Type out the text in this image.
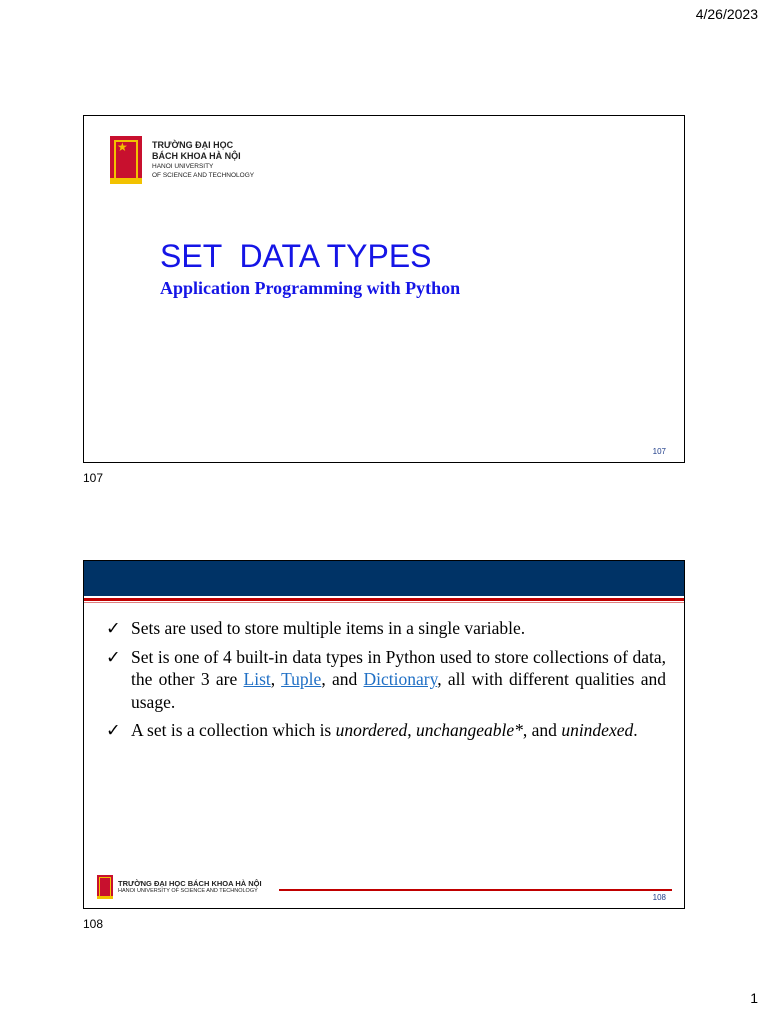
4/26/2023
★	TRƯỜNG ĐẠI HỌC
BÁCH KHOA HÀ NỘI
HANOI UNIVERSITY
OF SCIENCE AND TECHNOLOGY
SET  DATA TYPES
Application Programming with Python
107
107
✓ Sets are used to store multiple items in a single variable.
✓ Set is one of 4 built-in data types in Python used to store collections of data, the other 3 are List, Tuple, and Dictionary, all with different qualities and usage.
✓ A set is a collection which is unordered, unchangeable*, and unindexed.
TRƯỜNG ĐẠI HỌC BÁCH KHOA HÀ NỘI
HANOI UNIVERSITY OF SCIENCE AND TECHNOLOGY
108
108
1
